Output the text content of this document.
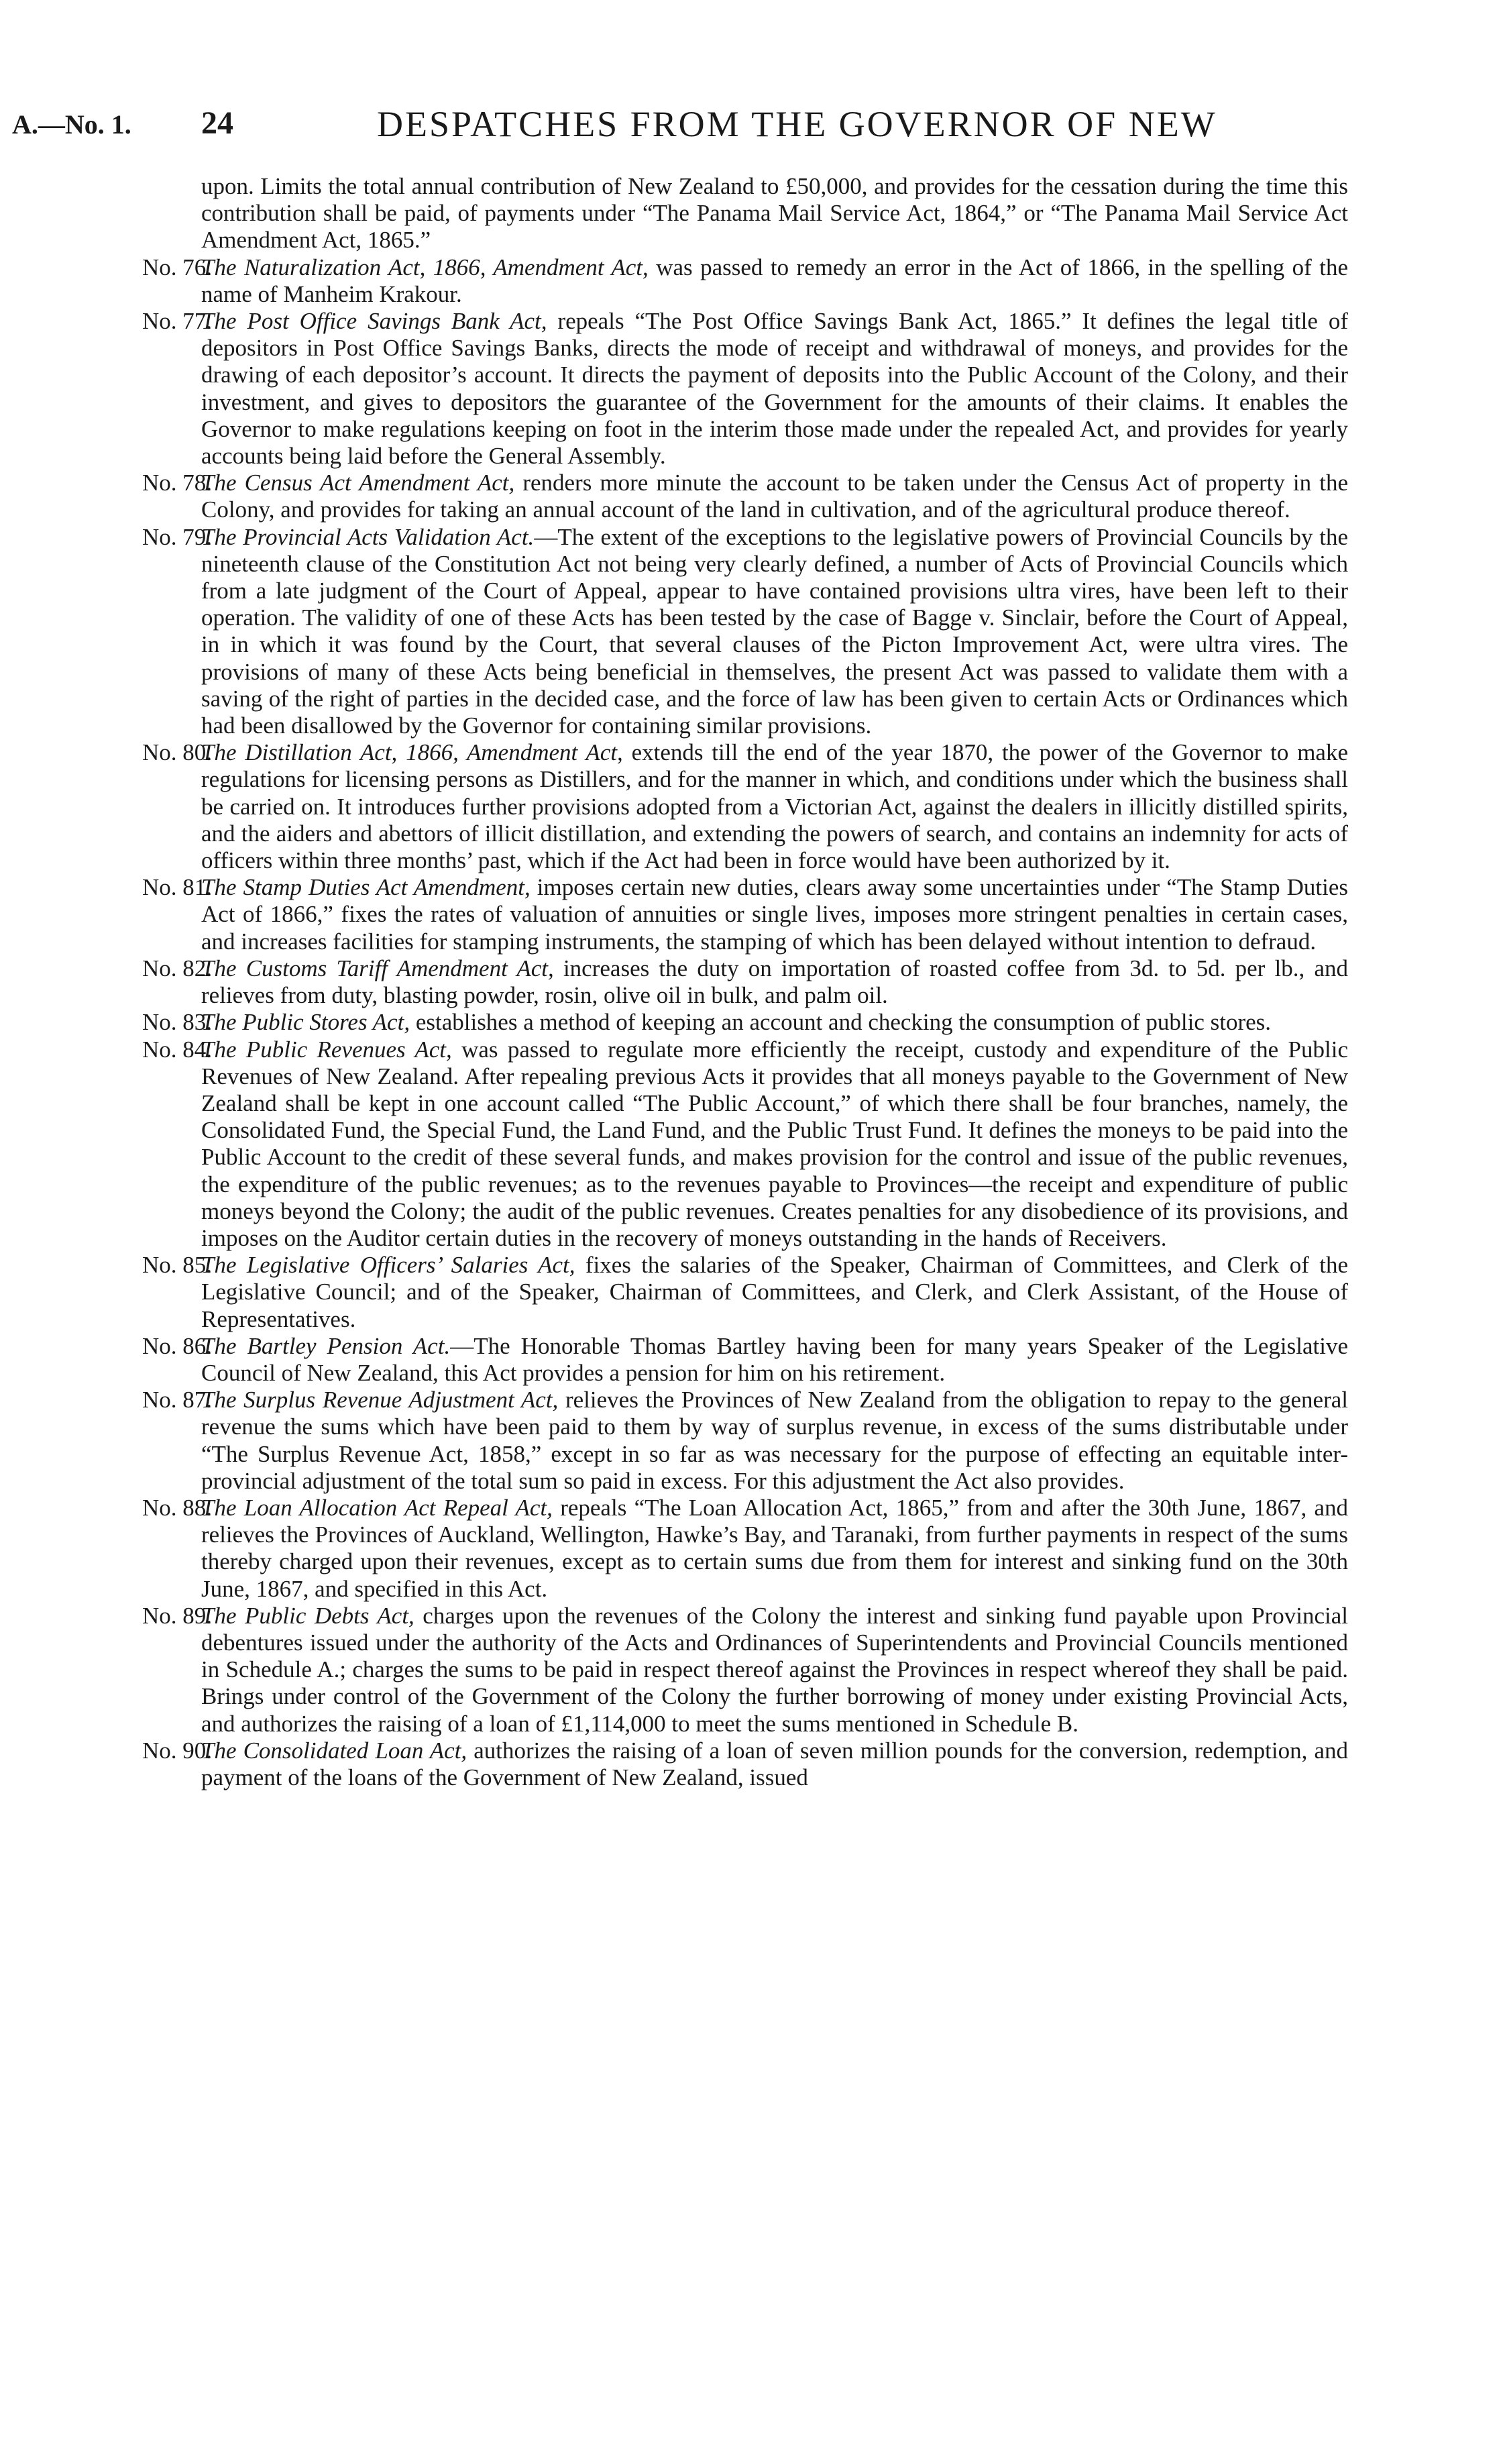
A.—No. 1. 24	DESPATCHES FROM THE GOVERNOR OF NEW

upon. Limits the total annual contribution of New Zealand to £50,000, and provides for the cessation during the time this contribution shall be paid, of payments under “The Panama Mail Service Act, 1864,” or “The Panama Mail Service Act Amendment Act, 1865.”

No. 76.
The Naturalization Act, 1866, Amendment Act, was passed to remedy an error in the Act of 1866, in the spelling of the name of Manheim Krakour.

No. 77.
The Post Office Savings Bank Act, repeals “The Post Office Savings Bank Act, 1865.” It defines the legal title of depositors in Post Office Savings Banks, directs the mode of receipt and withdrawal of moneys, and provides for the drawing of each depositor’s account. It directs the payment of deposits into the Public Account of the Colony, and their investment, and gives to depositors the guarantee of the Government for the amounts of their claims. It enables the Governor to make regulations keeping on foot in the interim those made under the repealed Act, and provides for yearly accounts being laid before the General Assembly.

No. 78.
The Census Act Amendment Act, renders more minute the account to be taken under the Census Act of property in the Colony, and provides for taking an annual account of the land in cultivation, and of the agricultural produce thereof.

No. 79.
The Provincial Acts Validation Act.—The extent of the exceptions to the legislative powers of Provincial Councils by the nineteenth clause of the Constitution Act not being very clearly defined, a number of Acts of Provincial Councils which from a late judgment of the Court of Appeal, appear to have contained provisions ultra vires, have been left to their operation. The validity of one of these Acts has been tested by the case of Bagge v. Sinclair, before the Court of Appeal, in in which it was found by the Court, that several clauses of the Picton Improvement Act, were ultra vires. The provisions of many of these Acts being beneficial in themselves, the present Act was passed to validate them with a saving of the right of parties in the decided case, and the force of law has been given to certain Acts or Ordinances which had been disallowed by the Governor for containing similar provisions.

No. 80.
The Distillation Act, 1866, Amendment Act, extends till the end of the year 1870, the power of the Governor to make regulations for licensing persons as Distillers, and for the manner in which, and conditions under which the business shall be carried on. It introduces further provisions adopted from a Victorian Act, against the dealers in illicitly distilled spirits, and the aiders and abettors of illicit distillation, and extending the powers of search, and contains an indemnity for acts of officers within three months’ past, which if the Act had been in force would have been authorized by it.

No. 81.
The Stamp Duties Act Amendment, imposes certain new duties, clears away some uncertainties under “The Stamp Duties Act of 1866,” fixes the rates of valuation of annuities or single lives, imposes more stringent penalties in certain cases, and increases facilities for stamping instruments, the stamping of which has been delayed without intention to defraud.

No. 82.
The Customs Tariff Amendment Act, increases the duty on importation of roasted coffee from 3d. to 5d. per lb., and relieves from duty, blasting powder, rosin, olive oil in bulk, and palm oil.

No. 83.
The Public Stores Act, establishes a method of keeping an account and checking the consumption of public stores.

No. 84.
The Public Revenues Act, was passed to regulate more efficiently the receipt, custody and expenditure of the Public Revenues of New Zealand. After repealing previous Acts it provides that all moneys payable to the Government of New Zealand shall be kept in one account called “The Public Account,” of which there shall be four branches, namely, the Consolidated Fund, the Special Fund, the Land Fund, and the Public Trust Fund. It defines the moneys to be paid into the Public Account to the credit of these several funds, and makes provision for the control and issue of the public revenues, the expenditure of the public revenues; as to the revenues payable to Provinces—the receipt and expenditure of public moneys beyond the Colony; the audit of the public revenues. Creates penalties for any disobedience of its provisions, and imposes on the Auditor certain duties in the recovery of moneys outstanding in the hands of Receivers.

No. 85.
The Legislative Officers’ Salaries Act, fixes the salaries of the Speaker, Chairman of Committees, and Clerk of the Legislative Council; and of the Speaker, Chairman of Committees, and Clerk, and Clerk Assistant, of the House of Representatives.

No. 86.
The Bartley Pension Act.—The Honorable Thomas Bartley having been for many years Speaker of the Legislative Council of New Zealand, this Act provides a pension for him on his retirement.

No. 87.
The Surplus Revenue Adjustment Act, relieves the Provinces of New Zealand from the obligation to repay to the general revenue the sums which have been paid to them by way of surplus revenue, in excess of the sums distributable under “The Surplus Revenue Act, 1858,” except in so far as was necessary for the purpose of effecting an equitable inter-provincial adjustment of the total sum so paid in excess. For this adjustment the Act also provides.

No. 88.
The Loan Allocation Act Repeal Act, repeals “The Loan Allocation Act, 1865,” from and after the 30th June, 1867, and relieves the Provinces of Auckland, Wellington, Hawke’s Bay, and Taranaki, from further payments in respect of the sums thereby charged upon their revenues, except as to certain sums due from them for interest and sinking fund on the 30th June, 1867, and specified in this Act.

No. 89.
The Public Debts Act, charges upon the revenues of the Colony the interest and sinking fund payable upon Provincial debentures issued under the authority of the Acts and Ordinances of Superintendents and Provincial Councils mentioned in Schedule A.; charges the sums to be paid in respect thereof against the Provinces in respect whereof they shall be paid. Brings under control of the Government of the Colony the further borrowing of money under existing Provincial Acts, and authorizes the raising of a loan of £1,114,000 to meet the sums mentioned in Schedule B.

No. 90.
The Consolidated Loan Act, authorizes the raising of a loan of seven million pounds for the conversion, redemption, and payment of the loans of the Government of New Zealand, issued
